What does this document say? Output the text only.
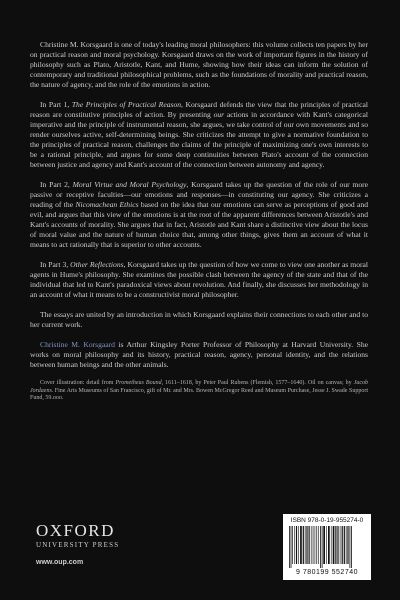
Christine M. Korsgaard is one of today's leading moral philosophers: this volume collects ten papers by her on practical reason and moral psychology. Korsgaard draws on the work of important figures in the history of philosophy such as Plato, Aristotle, Kant, and Hume, showing how their ideas can inform the solution of contemporary and traditional philosophical problems, such as the foundations of morality and practical reason, the nature of agency, and the role of the emotions in action.

In Part 1, The Principles of Practical Reason, Korsgaard defends the view that the principles of practical reason are constitutive principles of action. By presenting our actions in accordance with Kant's categorical imperative and the principle of instrumental reason, she argues, we take control of our own movements and so render ourselves active, self-determining beings. She criticizes the attempt to give a normative foundation to the principles of practical reason, challenges the claims of the principle of maximizing one's own interests to be a rational principle, and argues for some deep continuities between Plato's account of the connection between justice and agency and Kant's account of the connection between autonomy and agency.

In Part 2, Moral Virtue and Moral Psychology, Korsgaard takes up the question of the role of our more passive or receptive faculties—our emotions and responses—in constituting our agency. She criticizes a reading of the Nicomachean Ethics based on the idea that our emotions can serve as perceptions of good and evil, and argues that this view of the emotions is at the root of the apparent differences between Aristotle's and Kant's accounts of morality. She argues that in fact, Aristotle and Kant share a distinctive view about the locus of moral value and the nature of human choice that, among other things, gives them an account of what it means to act rationally that is superior to other accounts.

In Part 3, Other Reflections, Korsgaard takes up the question of how we come to view one another as moral agents in Hume's philosophy. She examines the possible clash between the agency of the state and that of the individual that led to Kant's paradoxical views about revolution. And finally, she discusses her methodology in an account of what it means to be a constructivist moral philosopher.

The essays are united by an introduction in which Korsgaard explains their connections to each other and to her current work.

Christine M. Korsgaard is Arthur Kingsley Porter Professor of Philosophy at Harvard University. She works on moral philosophy and its history, practical reason, agency, personal identity, and the relations between human beings and the other animals.

Cover illustration: detail from Prometheus Bound, 1611–1618, by Peter Paul Rubens (Flemish, 1577–1640). Oil on canvas; by Jacob Jordaens. Fine Arts Museums of San Francisco, gift of Mr. and Mrs. Bowen McGregor Reed and Museum Purchase, Jesse J. Swade Support Fund, 59.ooo.
OXFORD
UNIVERSITY PRESS
www.oup.com
ISBN 978-0-19-955274-0
9 780199 552740
